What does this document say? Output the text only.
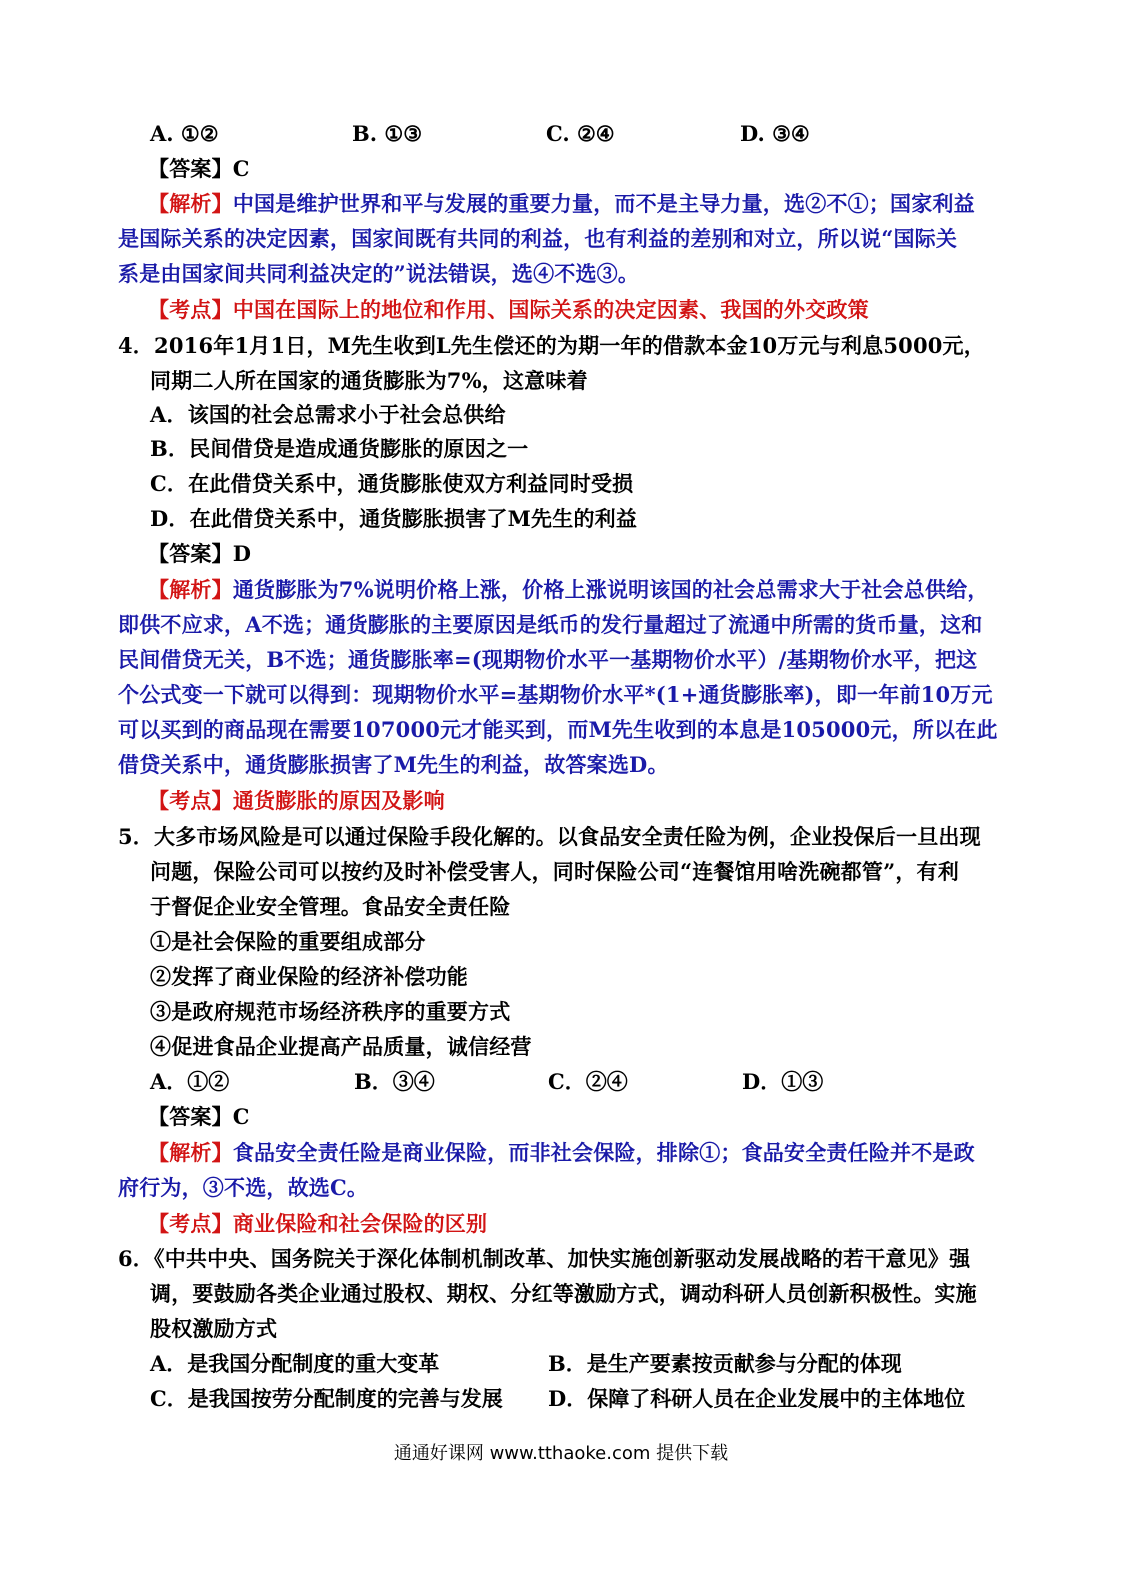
A. ①②	B. ①③	C. ②④	D. ③④
【答案】C
【解析】中国是维护世界和平与发展的重要力量，而不是主导力量，选②不①；国家利益
是国际关系的决定因素，国家间既有共同的利益，也有利益的差别和对立，所以说“国际关
系是由国家间共同利益决定的”说法错误，选④不选③。
【考点】中国在国际上的地位和作用、国际关系的决定因素、我国的外交政策
4．2016年1月1日，M先生收到L先生偿还的为期一年的借款本金10万元与利息5000元，
同期二人所在国家的通货膨胀为7%，这意味着
A．该国的社会总需求小于社会总供给
B．民间借贷是造成通货膨胀的原因之一
C．在此借贷关系中，通货膨胀使双方利益同时受损
D．在此借贷关系中，通货膨胀损害了M先生的利益
【答案】D
【解析】通货膨胀为7%说明价格上涨，价格上涨说明该国的社会总需求大于社会总供给，
即供不应求，A不选；通货膨胀的主要原因是纸币的发行量超过了流通中所需的货币量，这和
民间借贷无关，B不选；通货膨胀率=(现期物价水平一基期物价水平）/基期物价水平，把这
个公式变一下就可以得到：现期物价水平=基期物价水平*(1+通货膨胀率)，即一年前10万元
可以买到的商品现在需要107000元才能买到，而M先生收到的本息是105000元，所以在此
借贷关系中，通货膨胀损害了M先生的利益，故答案选D。
【考点】通货膨胀的原因及影响
5．大多市场风险是可以通过保险手段化解的。以食品安全责任险为例，企业投保后一旦出现
问题，保险公司可以按约及时补偿受害人，同时保险公司“连餐馆用啥洗碗都管”，有利
于督促企业安全管理。食品安全责任险
①是社会保险的重要组成部分
②发挥了商业保险的经济补偿功能
③是政府规范市场经济秩序的重要方式
④促进食品企业提高产品质量，诚信经营
A．①②	B．③④	C．②④	D．①③
【答案】C
【解析】食品安全责任险是商业保险，而非社会保险，排除①；食品安全责任险并不是政
府行为，③不选，故选C。
【考点】商业保险和社会保险的区别
6．《中共中央、国务院关于深化体制机制改革、加快实施创新驱动发展战略的若干意见》强
调，要鼓励各类企业通过股权、期权、分红等激励方式，调动科研人员创新积极性。实施
股权激励方式
A．是我国分配制度的重大变革	B．是生产要素按贡献参与分配的体现
C．是我国按劳分配制度的完善与发展 D．保障了科研人员在企业发展中的主体地位
通通好课网 www.tthaoke.com 提供下载
